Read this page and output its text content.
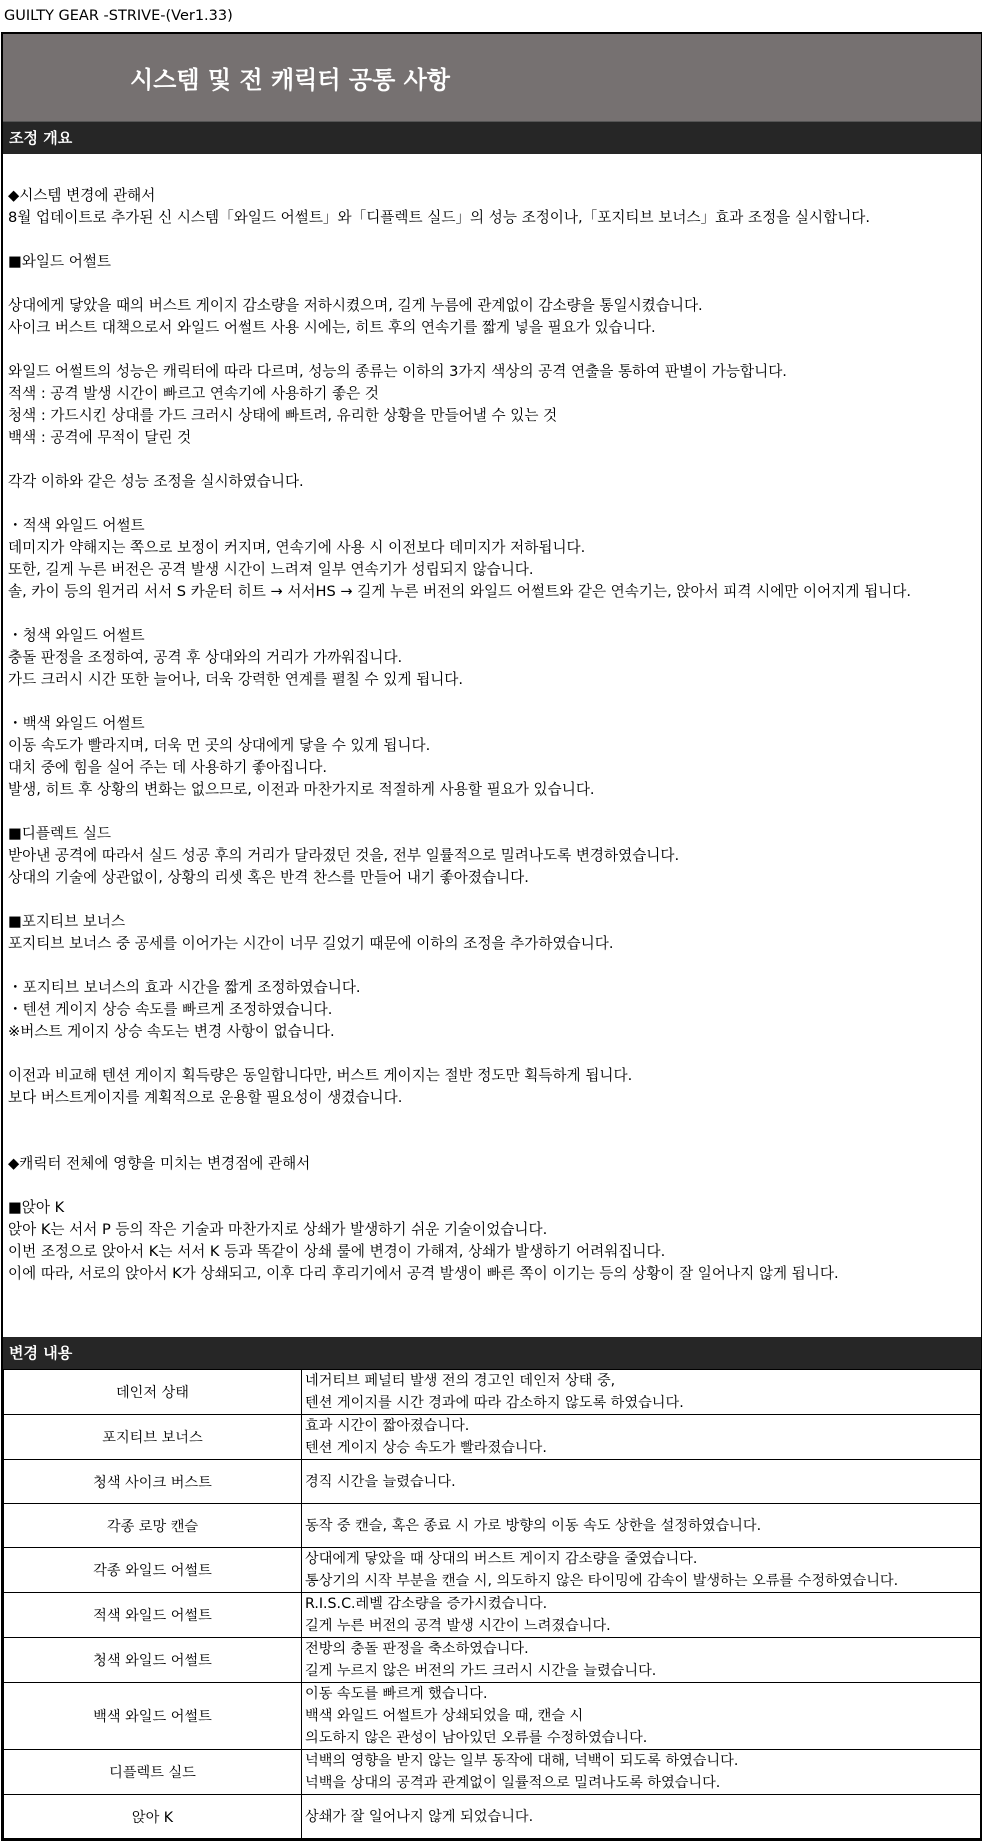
GUILTY GEAR -STRIVE-(Ver1.33)
시스템 및 전 캐릭터 공통 사항
조정 개요
◆시스템 변경에 관해서
8월 업데이트로 추가된 신 시스템「와일드 어썰트」와「디플렉트 실드」의 성능 조정이나,「포지티브 보너스」효과 조정을 실시합니다.
■와일드 어썰트
상대에게 닿았을 때의 버스트 게이지 감소량을 저하시켰으며, 길게 누름에 관계없이 감소량을 통일시켰습니다.
사이크 버스트 대책으로서 와일드 어썰트 사용 시에는, 히트 후의 연속기를 짧게 넣을 필요가 있습니다.
와일드 어썰트의 성능은 캐릭터에 따라 다르며, 성능의 종류는 이하의 3가지 색상의 공격 연출을 통하여 판별이 가능합니다.
적색 : 공격 발생 시간이 빠르고 연속기에 사용하기 좋은 것
청색 : 가드시킨 상대를 가드 크러시 상태에 빠트려, 유리한 상황을 만들어낼 수 있는 것
백색 : 공격에 무적이 달린 것
각각 이하와 같은 성능 조정을 실시하였습니다.
・적색 와일드 어썰트
데미지가 약해지는 쪽으로 보정이 커지며, 연속기에 사용 시 이전보다 데미지가 저하됩니다.
또한, 길게 누른 버전은 공격 발생 시간이 느려져 일부 연속기가 성립되지 않습니다.
솔, 카이 등의 원거리 서서 S 카운터 히트 → 서서HS → 길게 누른 버전의 와일드 어썰트와 같은 연속기는, 앉아서 피격 시에만 이어지게 됩니다.
・청색 와일드 어썰트
충돌 판정을 조정하여, 공격 후 상대와의 거리가 가까워집니다.
가드 크러시 시간 또한 늘어나, 더욱 강력한 연계를 펼칠 수 있게 됩니다.
・백색 와일드 어썰트
이동 속도가 빨라지며, 더욱 먼 곳의 상대에게 닿을 수 있게 됩니다.
대치 중에 힘을 실어 주는 데 사용하기 좋아집니다.
발생, 히트 후 상황의 변화는 없으므로, 이전과 마찬가지로 적절하게 사용할 필요가 있습니다.
■디플렉트 실드
받아낸 공격에 따라서 실드 성공 후의 거리가 달라졌던 것을, 전부 일률적으로 밀려나도록 변경하였습니다.
상대의 기술에 상관없이, 상황의 리셋 혹은 반격 찬스를 만들어 내기 좋아졌습니다.
■포지티브 보너스
포지티브 보너스 중 공세를 이어가는 시간이 너무 길었기 때문에 이하의 조정을 추가하였습니다.
・포지티브 보너스의 효과 시간을 짧게 조정하였습니다.
・텐션 게이지 상승 속도를 빠르게 조정하였습니다.
※버스트 게이지 상승 속도는 변경 사항이 없습니다.
이전과 비교해 텐션 게이지 획득량은 동일합니다만, 버스트 게이지는 절반 정도만 획득하게 됩니다.
보다 버스트게이지를 계획적으로 운용할 필요성이 생겼습니다.
◆캐릭터 전체에 영향을 미치는 변경점에 관해서
■앉아 K
앉아 K는 서서 P 등의 작은 기술과 마찬가지로 상쇄가 발생하기 쉬운 기술이었습니다.
이번 조정으로 앉아서 K는 서서 K 등과 똑같이 상쇄 룰에 변경이 가해져, 상쇄가 발생하기 어려워집니다.
이에 따라, 서로의 앉아서 K가 상쇄되고, 이후 다리 후리기에서 공격 발생이 빠른 쪽이 이기는 등의 상황이 잘 일어나지 않게 됩니다.
변경 내용
데인저 상태	네거티브 페널티 발생 전의 경고인 데인저 상태 중,
텐션 게이지를 시간 경과에 따라 감소하지 않도록 하였습니다.

포지티브 보너스	효과 시간이 짧아졌습니다.
텐션 게이지 상승 속도가 빨라졌습니다.

청색 사이크 버스트	경직 시간을 늘렸습니다.

각종 로망 캔슬	동작 중 캔슬, 혹은 종료 시 가로 방향의 이동 속도 상한을 설정하였습니다.

각종 와일드 어썰트	상대에게 닿았을 때 상대의 버스트 게이지 감소량을 줄였습니다.
통상기의 시작 부분을 캔슬 시, 의도하지 않은 타이밍에 감속이 발생하는 오류를 수정하였습니다.

적색 와일드 어썰트	R.I.S.C.레벨 감소량을 증가시켰습니다.
길게 누른 버전의 공격 발생 시간이 느려졌습니다.

청색 와일드 어썰트	전방의 충돌 판정을 축소하였습니다.
길게 누르지 않은 버전의 가드 크러시 시간을 늘렸습니다.

백색 와일드 어썰트	이동 속도를 빠르게 했습니다.
백색 와일드 어썰트가 상쇄되었을 때, 캔슬 시
의도하지 않은 관성이 남아있던 오류를 수정하였습니다.

디플렉트 실드	넉백의 영향을 받지 않는 일부 동작에 대해, 넉백이 되도록 하였습니다.
넉백을 상대의 공격과 관계없이 일률적으로 밀려나도록 하였습니다.

앉아 K	상쇄가 잘 일어나지 않게 되었습니다.
